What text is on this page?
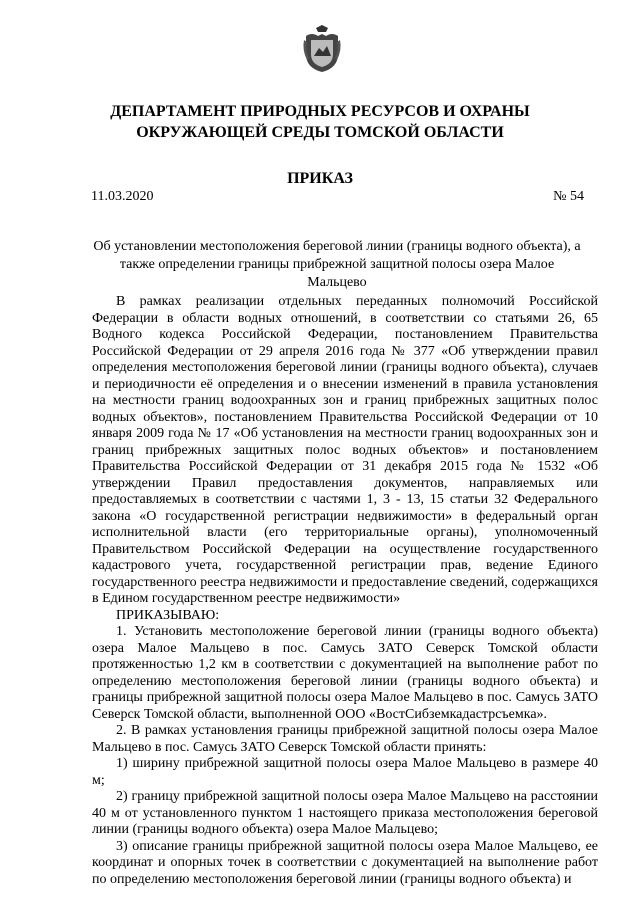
ДЕПАРТАМЕНТ ПРИРОДНЫХ РЕСУРСОВ И ОХРАНЫ
ОКРУЖАЮЩЕЙ СРЕДЫ ТОМСКОЙ ОБЛАСТИ
ПРИКАЗ
11.03.2020	№ 54
Об установлении местоположения береговой линии (границы водного объекта), а
также определении границы прибрежной защитной полосы озера Малое Мальцево

В рамках реализации отдельных переданных полномочий Российской Федерации в области водных отношений, в соответствии со статьями 26, 65 Водного кодекса Российской Федерации, постановлением Правительства Российской Федерации от 29 апреля 2016 года № 377 «Об утверждении правил определения местоположения береговой линии (границы водного объекта), случаев и периодичности её определения и о внесении изменений в правила установления на местности границ водоохранных зон и границ прибрежных защитных полос водных объектов», постановлением Правительства Российской Федерации от 10 января 2009 года № 17 «Об установления на местности границ водоохранных зон и границ прибрежных защитных полос водных объектов» и постановлением Правительства Российской Федерации от 31 декабря 2015 года № 1532 «Об утверждении Правил предоставления документов, направляемых или предоставляемых в соответствии с частями 1, 3 - 13, 15 статьи 32 Федерального закона «О государственной регистрации недвижимости» в федеральный орган исполнительной власти (его территориальные органы), уполномоченный Правительством Российской Федерации на осуществление государственного кадастрового учета, государственной регистрации прав, ведение Единого государственного реестра недвижимости и предоставление сведений, содержащихся в Едином государственном реестре недвижимости»

ПРИКАЗЫВАЮ:

1. Установить местоположение береговой линии (границы водного объекта) озера Малое Мальцево в пос. Самусь ЗАТО Северск Томской области протяженностью 1,2 км в соответствии с документацией на выполнение работ по определению местоположения береговой линии (границы водного объекта) и границы прибрежной защитной полосы озера Малое Мальцево в пос. Самусь ЗАТО Северск Томской области, выполненной ООО «ВостСибземкадастрсъемка».

2. В рамках установления границы прибрежной защитной полосы озера Малое Мальцево в пос. Самусь ЗАТО Северск Томской области принять:

1) ширину прибрежной защитной полосы озера Малое Мальцево в размере 40 м;

2) границу прибрежной защитной полосы озера Малое Мальцево на расстоянии 40 м от установленного пунктом 1 настоящего приказа местоположения береговой линии (границы водного объекта) озера Малое Мальцево;

3) описание границы прибрежной защитной полосы озера Малое Мальцево, ее координат и опорных точек в соответствии с документацией на выполнение работ по определению местоположения береговой линии (границы водного объекта) и
